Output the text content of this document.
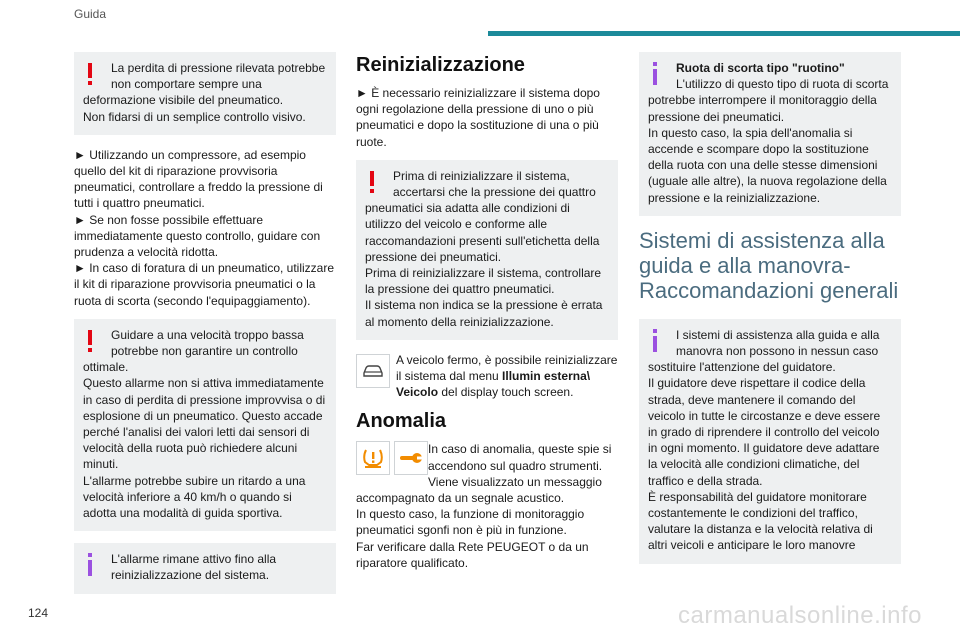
Guida
La perdita di pressione rilevata potrebbe non comportare sempre una deformazione visibile del pneumatico.
Non fidarsi di un semplice controllo visivo.
► Utilizzando un compressore, ad esempio quello del kit di riparazione provvisoria pneumatici, controllare a freddo la pressione di tutti i quattro pneumatici.
► Se non fosse possibile effettuare immediatamente questo controllo, guidare con prudenza a velocità ridotta.
► In caso di foratura di un pneumatico, utilizzare il kit di riparazione provvisoria pneumatici o la ruota di scorta (secondo l'equipaggiamento).
Guidare a una velocità troppo bassa potrebbe non garantire un controllo ottimale.
Questo allarme non si attiva immediatamente in caso di perdita di pressione improvvisa o di esplosione di un pneumatico. Questo accade perché l'analisi dei valori letti dai sensori di velocità della ruota può richiedere alcuni minuti.
L'allarme potrebbe subire un ritardo a una velocità inferiore a 40 km/h o quando si adotta una modalità di guida sportiva.
L'allarme rimane attivo fino alla reinizializzazione del sistema.
Reinizializzazione
► È necessario reinizializzare il sistema dopo ogni regolazione della pressione di uno o più pneumatici e dopo la sostituzione di una o più ruote.
Prima di reinizializzare il sistema, accertarsi che la pressione dei quattro pneumatici sia adatta alle condizioni di utilizzo del veicolo e conforme alle raccomandazioni presenti sull'etichetta della pressione dei pneumatici.
Prima di reinizializzare il sistema, controllare la pressione dei quattro pneumatici.
Il sistema non indica se la pressione è errata al momento della reinizializzazione.
A veicolo fermo, è possibile reinizializzare il sistema dal menu Illumin esterna\ Veicolo del display touch screen.
Anomalia
In caso di anomalia, queste spie si accendono sul quadro strumenti.
Viene visualizzato un messaggio accompagnato da un segnale acustico.
In questo caso, la funzione di monitoraggio pneumatici sgonfi non è più in funzione.
Far verificare dalla Rete PEUGEOT o da un riparatore qualificato.
Ruota di scorta tipo "ruotino"
L'utilizzo di questo tipo di ruota di scorta potrebbe interrompere il monitoraggio della pressione dei pneumatici.
In questo caso, la spia dell'anomalia si accende e scompare dopo la sostituzione della ruota con una delle stesse dimensioni (uguale alle altre), la nuova regolazione della pressione e la reinizializzazione.
Sistemi di assistenza alla guida e alla manovra- Raccomandazioni generali
I sistemi di assistenza alla guida e alla manovra non possono in nessun caso sostituire l'attenzione del guidatore.
Il guidatore deve rispettare il codice della strada, deve mantenere il comando del veicolo in tutte le circostanze e deve essere in grado di riprendere il controllo del veicolo in ogni momento. Il guidatore deve adattare la velocità alle condizioni climatiche, del traffico e della strada.
È responsabilità del guidatore monitorare costantemente le condizioni del traffico, valutare la distanza e la velocità relativa di altri veicoli e anticipare le loro manovre
124	carmanualsonline.info
